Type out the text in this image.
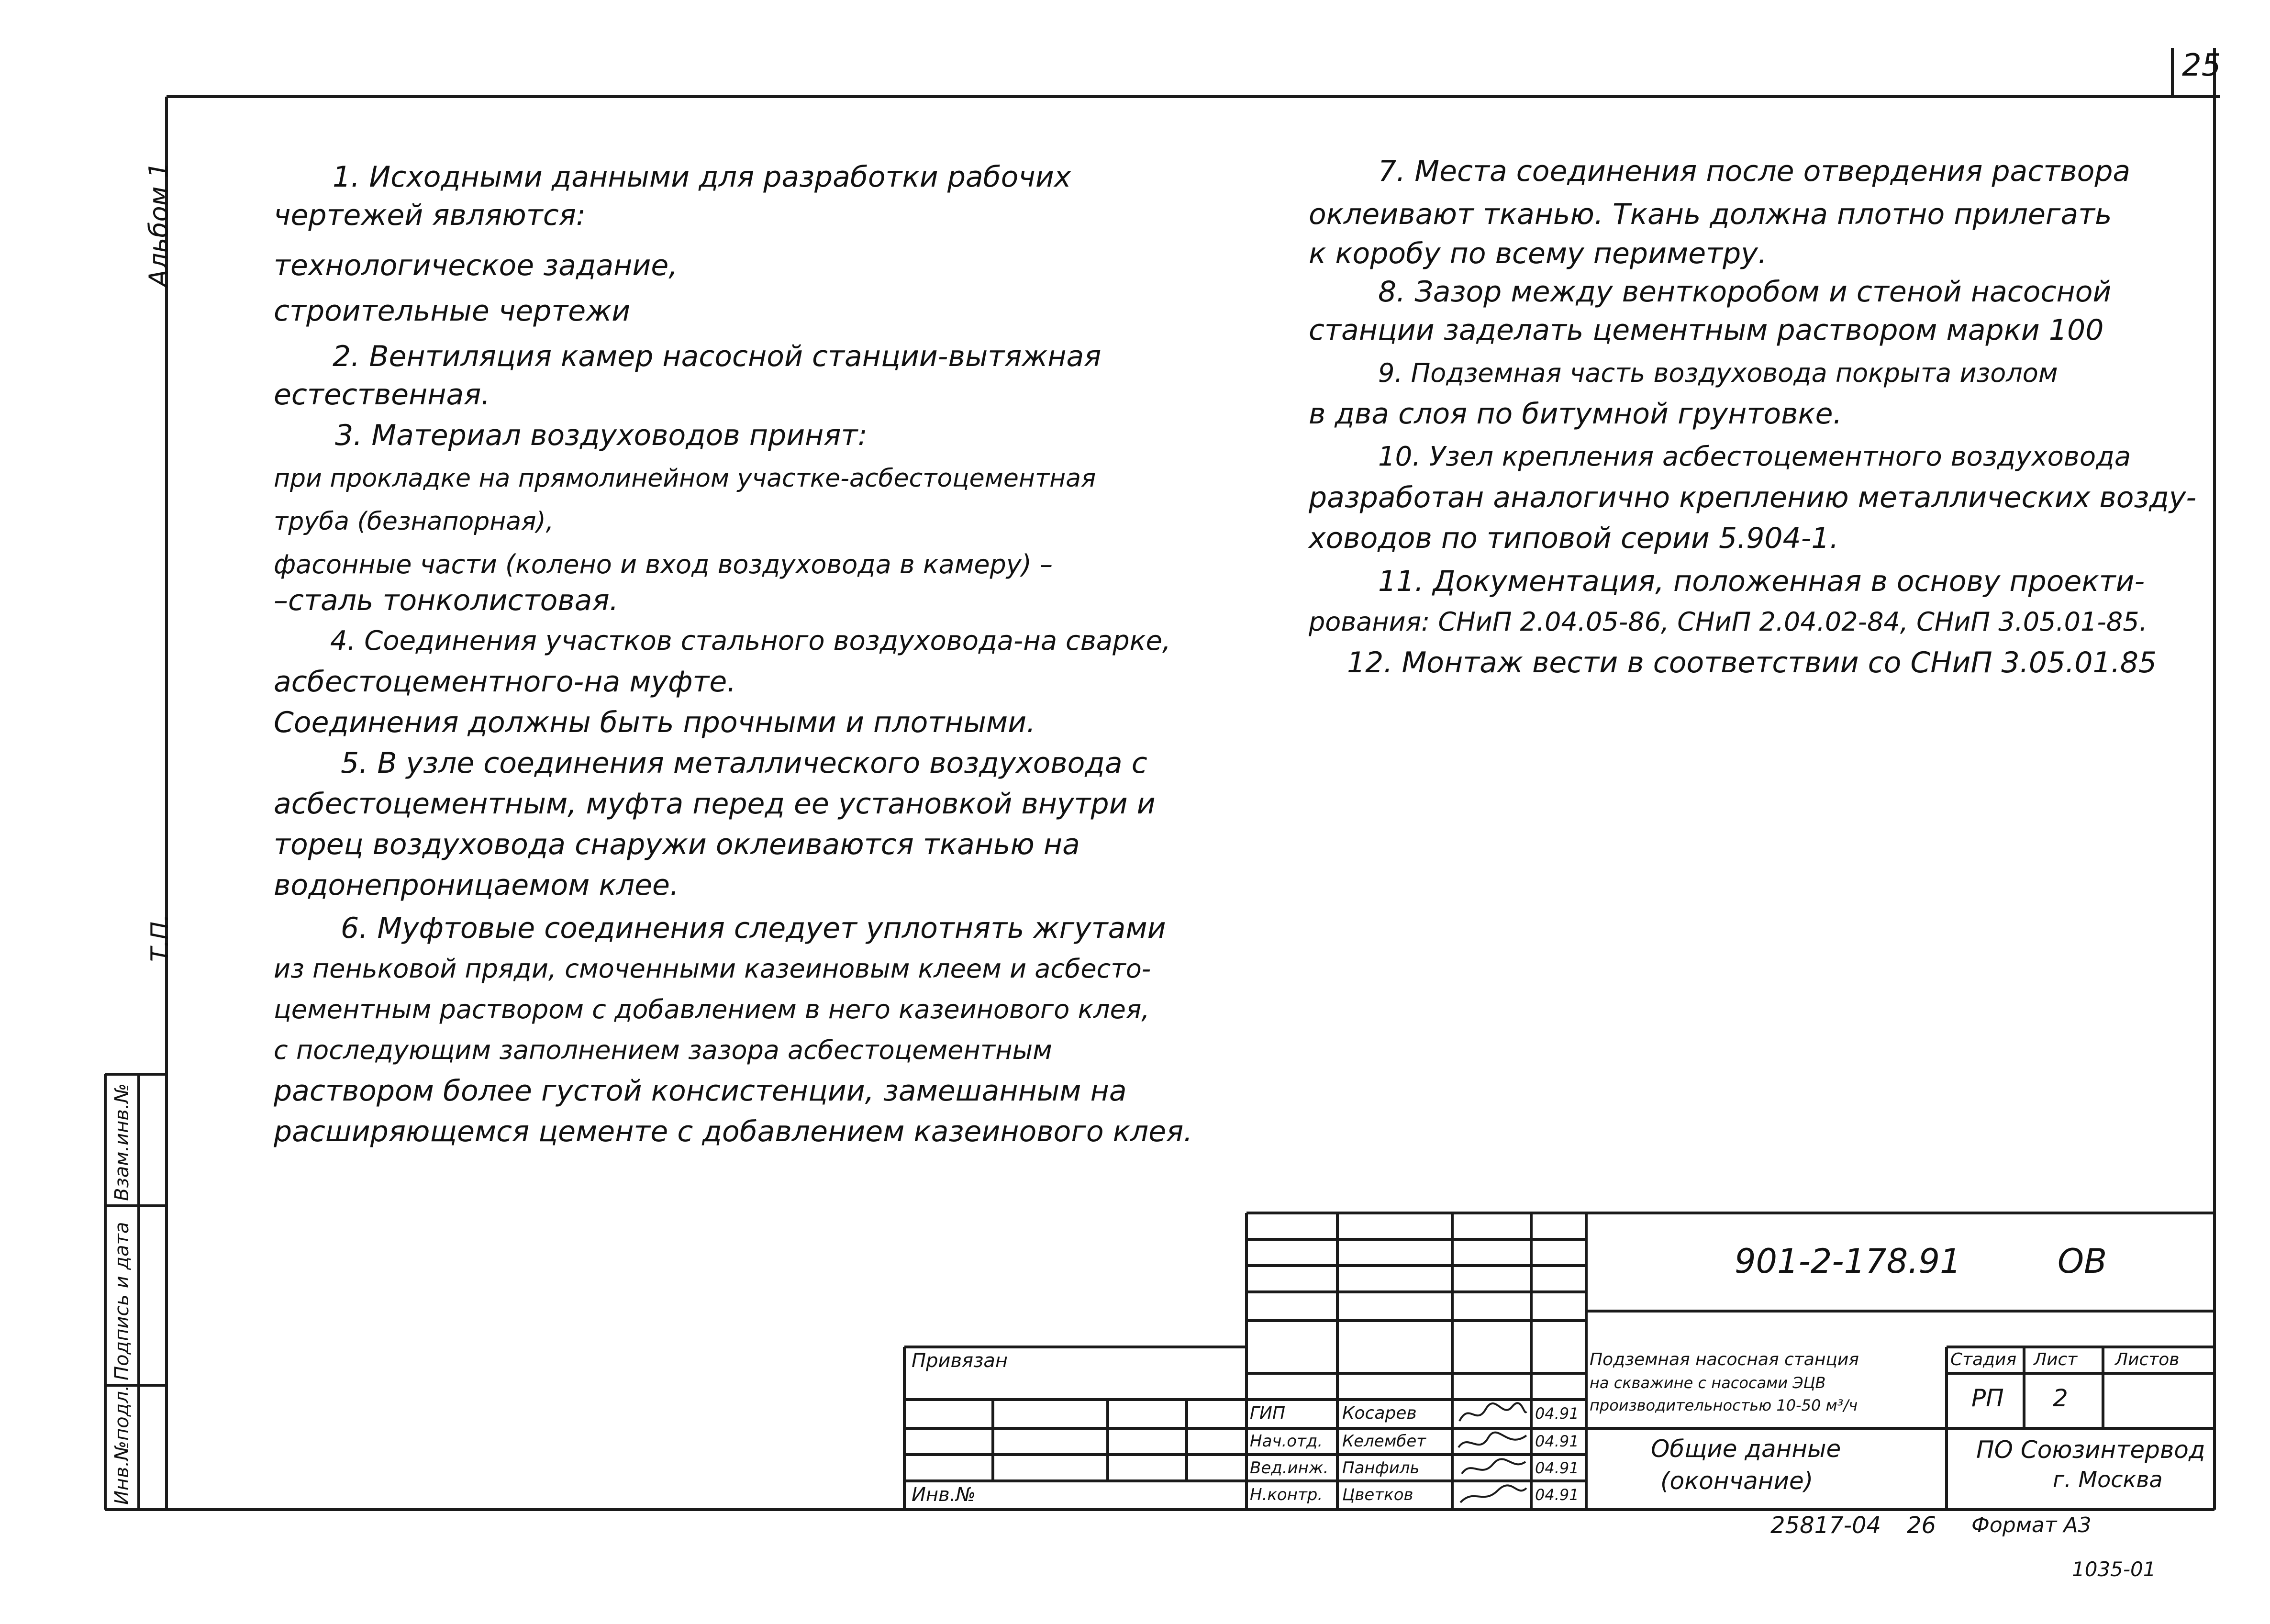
25
Альбом 1
Т.П.
Инв.№подл.
Подпись и дата
Взам.инв.№
1. Исходными данными для разработки рабочих
чертежей являются:
технологическое задание,
строительные чертежи
2. Вентиляция камер насосной станции-вытяжная
естественная.
3. Материал воздуховодов принят:
при прокладке на прямолинейном участке-асбестоцементная
труба (безнапорная),
фасонные части (колено и вход воздуховода в камеру) –
–сталь тонколистовая.
4. Соединения участков стального воздуховода-на сварке,
асбестоцементного-на муфте.
Соединения должны быть прочными и плотными.
5. В узле соединения металлического воздуховода с
асбестоцементным, муфта перед ее установкой внутри и
торец воздуховода снаружи оклеиваются тканью на
водонепроницаемом клее.
6. Муфтовые соединения следует уплотнять жгутами
из пеньковой пряди, смоченными казеиновым клеем и асбесто-
цементным раствором с добавлением в него казеинового клея,
с последующим заполнением зазора асбестоцементным
раствором более густой консистенции, замешанным на
расширяющемся цементе с добавлением казеинового клея.
7. Места соединения после отвердения раствора
оклеивают тканью. Ткань должна плотно прилегать
к коробу по всему периметру.
8. Зазор между венткоробом и стеной насосной
станции заделать цементным раствором марки 100
9. Подземная часть воздуховода покрыта изолом
в два слоя по битумной грунтовке.
10. Узел крепления асбестоцементного воздуховода
разработан аналогично креплению металлических возду-
ховодов по типовой серии 5.904-1.
11. Документация, положенная в основу проекти-
рования: СНиП 2.04.05-86, СНиП 2.04.02-84, СНиП 3.05.01-85.
12. Монтаж вести в соответствии со СНиП 3.05.01.85
901-2-178.91	ОВ
Привязан
Инв.№
ГИП	Косарев	04.91
Нач.отд. Келембет	04.91
Вед.инж. Панфиль	04.91
Н.контр. Цветков	04.91
Подземная насосная станция
на скважине с насосами ЭЦВ
производительностью 10-50 м³/ч
Стадия Лист Листов
РП 2
Общие данные
(окончание)
ПО Союзинтервод
г. Москва
25817-04 26 Формат А3
1035-01
